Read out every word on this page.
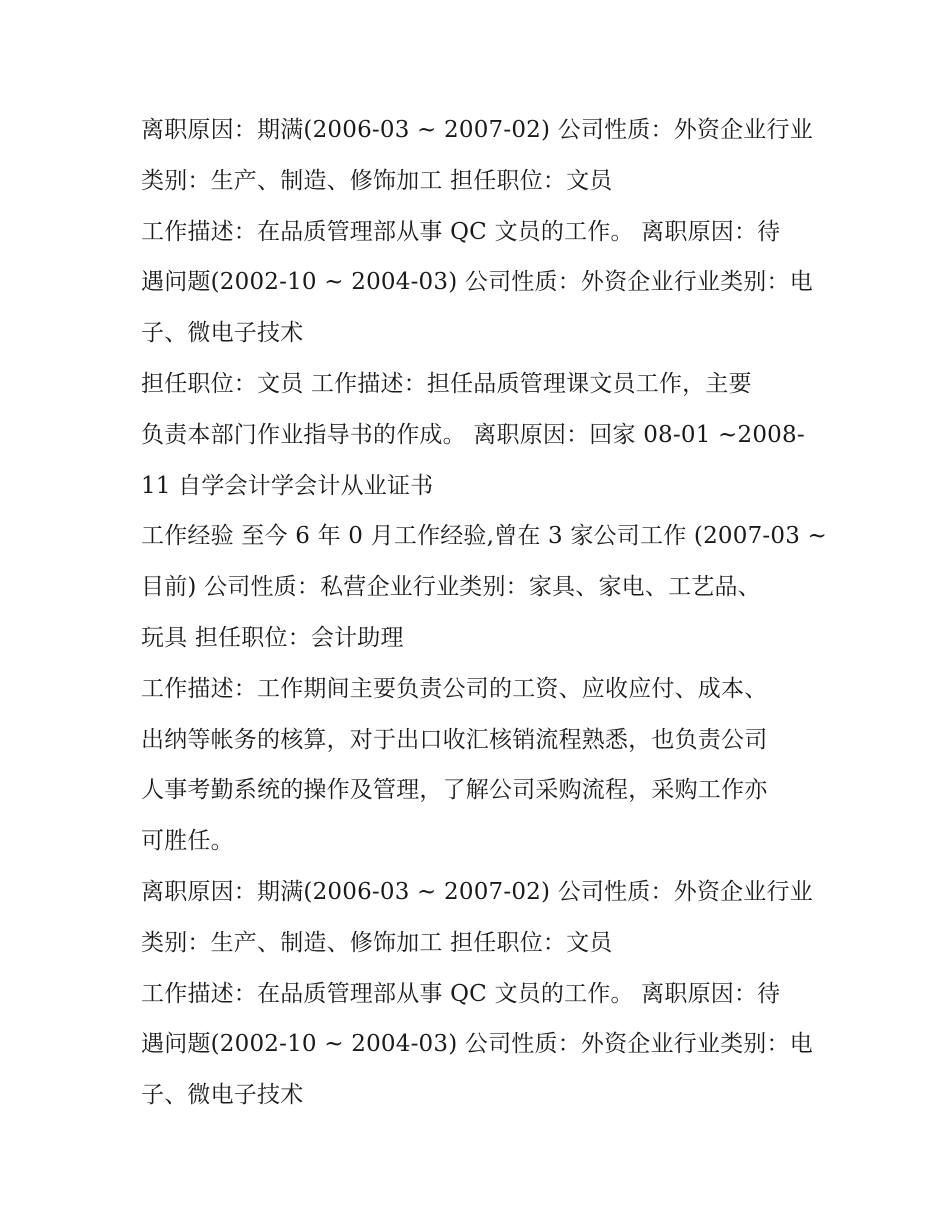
离职原因：期满(2006-03 ~ 2007-02) 公司性质：外资企业行业
类别：生产、制造、修饰加工 担任职位：文员
工作描述：在品质管理部从事 QC 文员的工作。 离职原因：待
遇问题(2002-10 ~ 2004-03) 公司性质：外资企业行业类别：电
子、微电子技术
担任职位：文员 工作描述：担任品质管理课文员工作，主要
负责本部门作业指导书的作成。 离职原因：回家 08-01 ~2008-
11 自学会计学会计从业证书
工作经验 至今 6 年 0 月工作经验,曾在 3 家公司工作 (2007-03 ~
目前) 公司性质：私营企业行业类别：家具、家电、工艺品、
玩具 担任职位：会计助理
工作描述：工作期间主要负责公司的工资、应收应付、成本、
出纳等帐务的核算，对于出口收汇核销流程熟悉，也负责公司
人事考勤系统的操作及管理，了解公司采购流程，采购工作亦
可胜任。
离职原因：期满(2006-03 ~ 2007-02) 公司性质：外资企业行业
类别：生产、制造、修饰加工 担任职位：文员
工作描述：在品质管理部从事 QC 文员的工作。 离职原因：待
遇问题(2002-10 ~ 2004-03) 公司性质：外资企业行业类别：电
子、微电子技术
